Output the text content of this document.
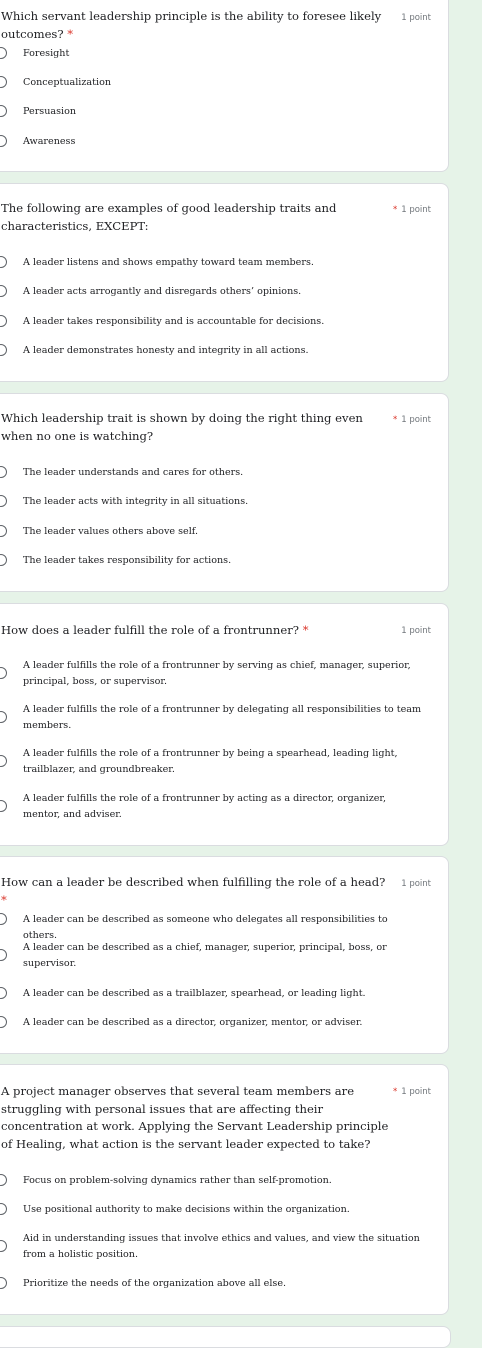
Which servant leadership principle is the ability to foresee likely outcomes? *
1 point
Foresight
Conceptualization
Persuasion
Awareness
The following are examples of good leadership traits and characteristics, EXCEPT:
* 1 point
A leader listens and shows empathy toward team members.
A leader acts arrogantly and disregards others’ opinions.
A leader takes responsibility and is accountable for decisions.
A leader demonstrates honesty and integrity in all actions.
Which leadership trait is shown by doing the right thing even when no one is watching?
* 1 point
The leader understands and cares for others.
The leader acts with integrity in all situations.
The leader values others above self.
The leader takes responsibility for actions.
How does a leader fulfill the role of a frontrunner? *	1 point
A leader fulfills the role of a frontrunner by serving as chief, manager, superior, principal, boss, or supervisor.
A leader fulfills the role of a frontrunner by delegating all responsibilities to team members.
A leader fulfills the role of a frontrunner by being a spearhead, leading light, trailblazer, and groundbreaker.
A leader fulfills the role of a frontrunner by acting as a director, organizer, mentor, and adviser.
How can a leader be described when fulfilling the role of a head? *
1 point
A leader can be described as someone who delegates all responsibilities to others.
A leader can be described as a chief, manager, superior, principal, boss, or supervisor.
A leader can be described as a trailblazer, spearhead, or leading light.
A leader can be described as a director, organizer, mentor, or adviser.
A project manager observes that several team members are struggling with personal issues that are affecting their concentration at work. Applying the Servant Leadership principle of Healing, what action is the servant leader expected to take?
* 1 point
Focus on problem-solving dynamics rather than self-promotion.
Use positional authority to make decisions within the organization.
Aid in understanding issues that involve ethics and values, and view the situation from a holistic position.
Prioritize the needs of the organization above all else.
